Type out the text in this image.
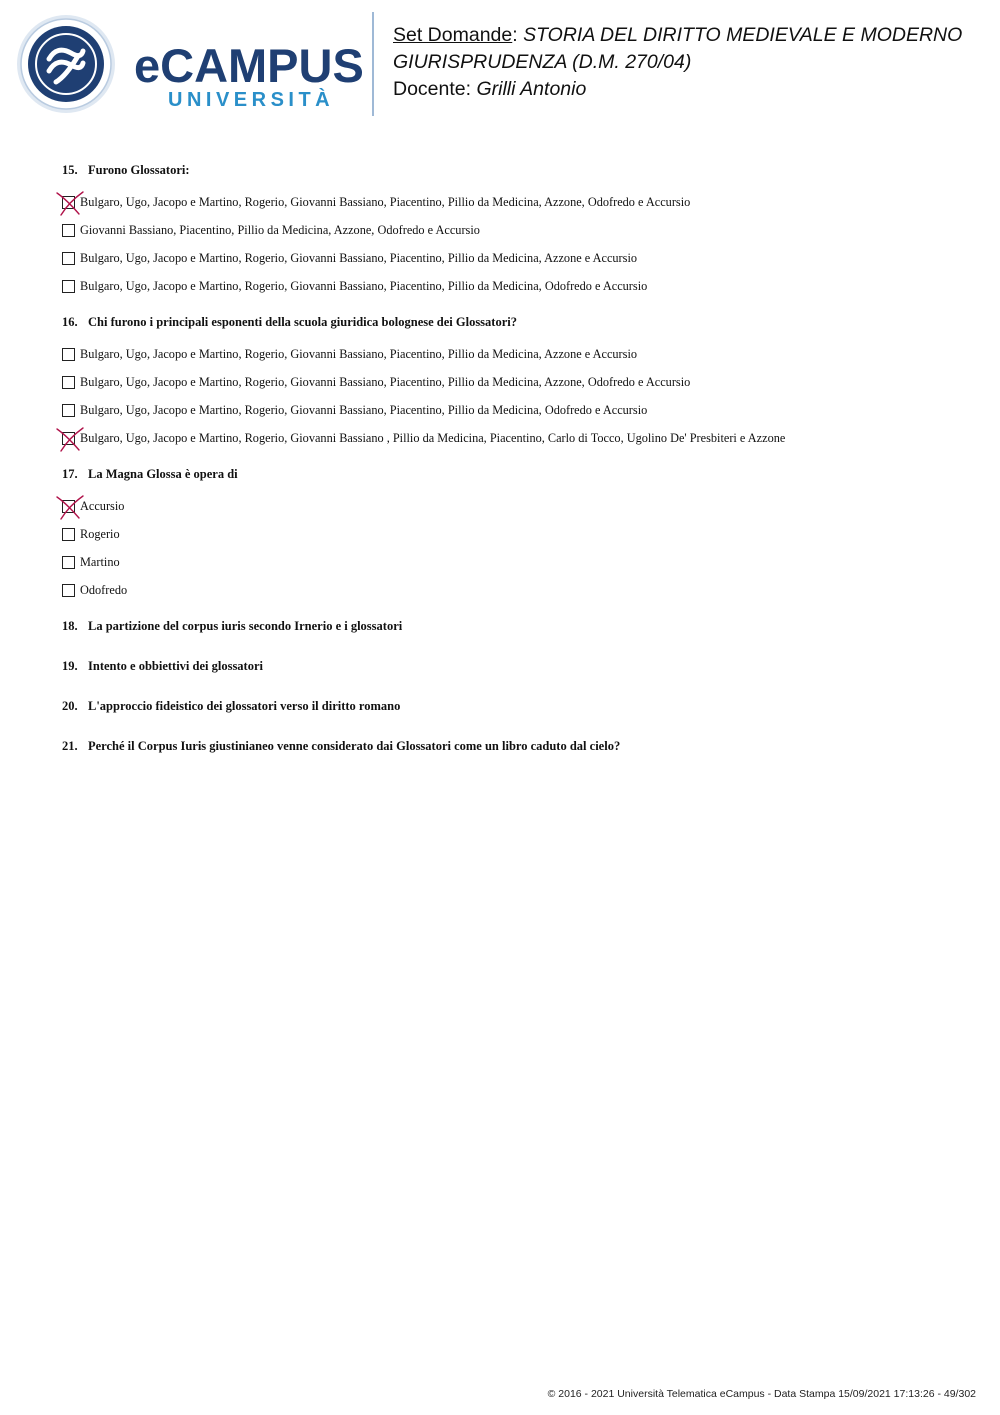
eCAMPUS
UNIVERSITÀ
Set Domande: STORIA DEL DIRITTO MEDIEVALE E MODERNO
GIURISPRUDENZA (D.M. 270/04)
Docente: Grilli Antonio
15. Furono Glossatori:
Bulgaro, Ugo, Jacopo e Martino, Rogerio, Giovanni Bassiano, Piacentino, Pillio da Medicina, Azzone, Odofredo e Accursio
Giovanni Bassiano, Piacentino, Pillio da Medicina, Azzone, Odofredo e Accursio
Bulgaro, Ugo, Jacopo e Martino, Rogerio, Giovanni Bassiano, Piacentino, Pillio da Medicina, Azzone e Accursio
Bulgaro, Ugo, Jacopo e Martino, Rogerio, Giovanni Bassiano, Piacentino, Pillio da Medicina, Odofredo e Accursio
16. Chi furono i principali esponenti della scuola giuridica bolognese dei Glossatori?
Bulgaro, Ugo, Jacopo e Martino, Rogerio, Giovanni Bassiano, Piacentino, Pillio da Medicina, Azzone e Accursio
Bulgaro, Ugo, Jacopo e Martino, Rogerio, Giovanni Bassiano, Piacentino, Pillio da Medicina, Azzone, Odofredo e Accursio
Bulgaro, Ugo, Jacopo e Martino, Rogerio, Giovanni Bassiano, Piacentino, Pillio da Medicina, Odofredo e Accursio
Bulgaro, Ugo, Jacopo e Martino, Rogerio, Giovanni Bassiano , Pillio da Medicina, Piacentino, Carlo di Tocco, Ugolino De' Presbiteri e Azzone
17. La Magna Glossa è opera di
Accursio
Rogerio
Martino
Odofredo
18. La partizione del corpus iuris secondo Irnerio e i glossatori
19. Intento e obbiettivi dei glossatori
20. L'approccio fideistico dei glossatori verso il diritto romano
21. Perché il Corpus Iuris giustinianeo venne considerato dai Glossatori come un libro caduto dal cielo?
© 2016 - 2021 Università Telematica eCampus - Data Stampa 15/09/2021 17:13:26 - 49/302
